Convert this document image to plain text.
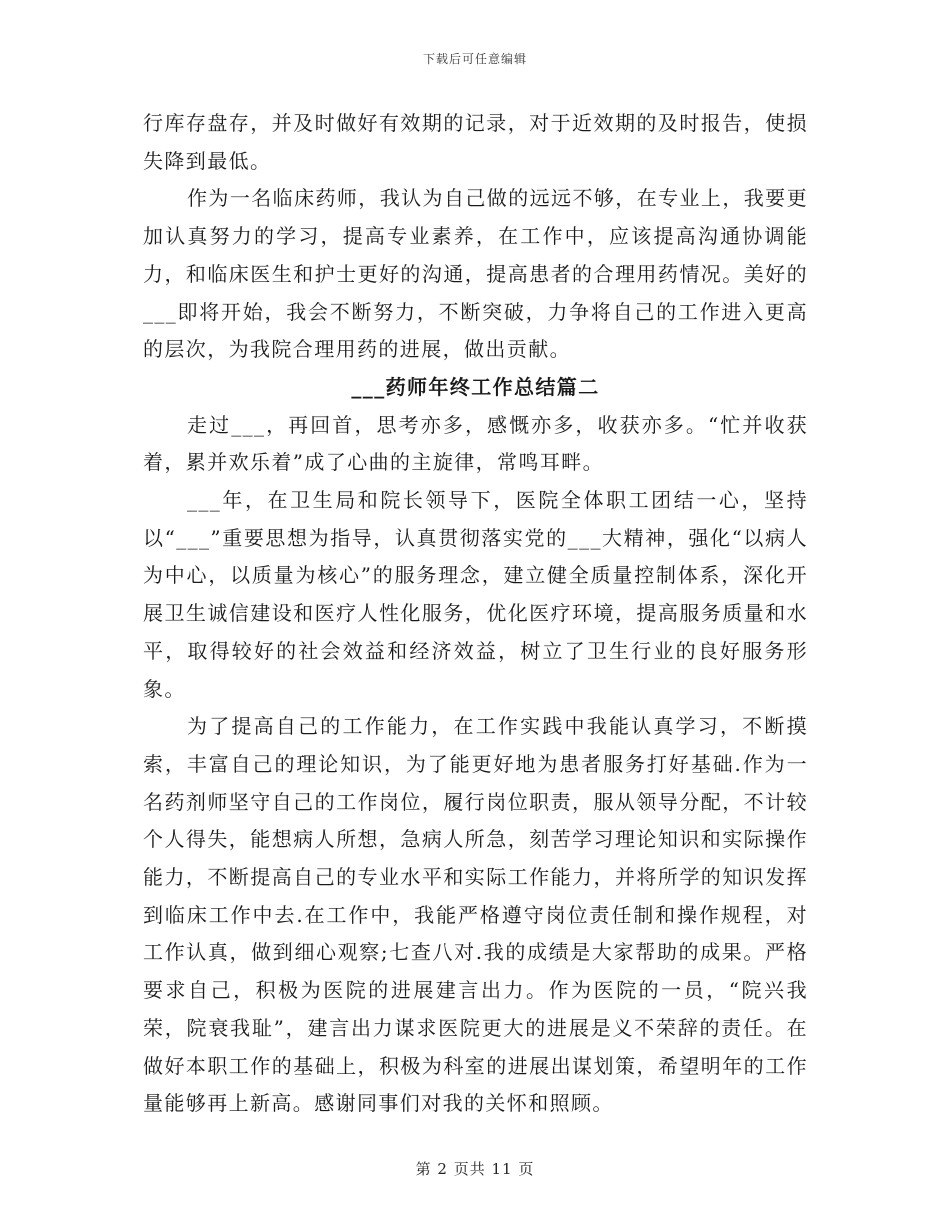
下载后可任意编辑

行库存盘存，并及时做好有效期的记录，对于近效期的及时报告，使损失降到最低。

作为一名临床药师，我认为自己做的远远不够，在专业上，我要更加认真努力的学习，提高专业素养，在工作中，应该提高沟通协调能力，和临床医生和护士更好的沟通，提高患者的合理用药情况。美好的___即将开始，我会不断努力，不断突破，力争将自己的工作进入更高的层次，为我院合理用药的进展，做出贡献。

___药师年终工作总结篇二

走过___，再回首，思考亦多，感慨亦多，收获亦多。“忙并收获着，累并欢乐着”成了心曲的主旋律，常鸣耳畔。

___年，在卫生局和院长领导下，医院全体职工团结一心，坚持以“___”重要思想为指导，认真贯彻落实党的___大精神，强化“以病人为中心，以质量为核心”的服务理念，建立健全质量控制体系，深化开展卫生诚信建设和医疗人性化服务，优化医疗环境，提高服务质量和水平，取得较好的社会效益和经济效益，树立了卫生行业的良好服务形象。

为了提高自己的工作能力，在工作实践中我能认真学习，不断摸索，丰富自己的理论知识，为了能更好地为患者服务打好基础.作为一名药剂师坚守自己的工作岗位，履行岗位职责，服从领导分配，不计较个人得失，能想病人所想，急病人所急，刻苦学习理论知识和实际操作能力，不断提高自己的专业水平和实际工作能力，并将所学的知识发挥到临床工作中去.在工作中，我能严格遵守岗位责任制和操作规程，对工作认真，做到细心观察;七查八对.我的成绩是大家帮助的成果。严格要求自己，积极为医院的进展建言出力。作为医院的一员，“院兴我荣，院衰我耻”，建言出力谋求医院更大的进展是义不荣辞的责任。在做好本职工作的基础上，积极为科室的进展出谋划策，希望明年的工作量能够再上新高。感谢同事们对我的关怀和照顾。

第 2 页共 11 页
